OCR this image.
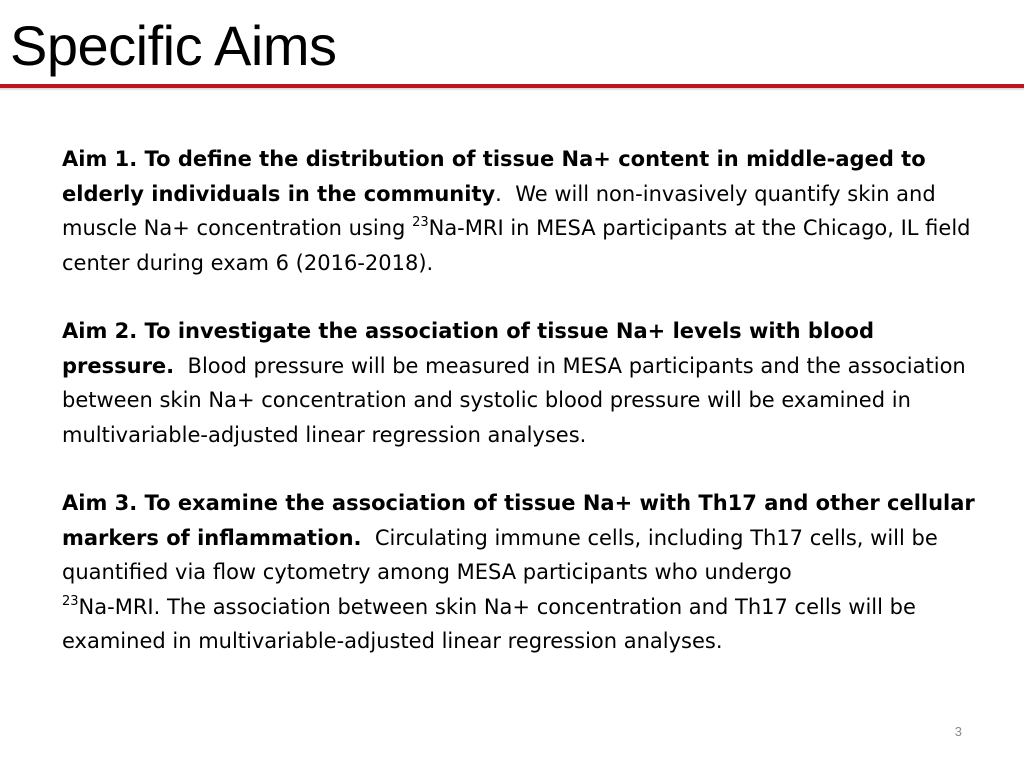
Specific Aims

Aim 1. To define the distribution of tissue Na+ content in middle-aged to elderly individuals in the community. We will non-invasively quantify skin and muscle Na+ concentration using $^{23}$Na-MRI in MESA participants at the Chicago, IL field center during exam 6 (2016-2018).

Aim 2. To investigate the association of tissue Na+ levels with blood pressure. Blood pressure will be measured in MESA participants and the association between skin Na+ concentration and systolic blood pressure will be examined in multivariable-adjusted linear regression analyses.

Aim 3. To examine the association of tissue Na+ with Th17 and other cellular markers of inflammation. Circulating immune cells, including Th17 cells, will be quantified via flow cytometry among MESA participants who undergo
$^{23}$Na-MRI. The association between skin Na+ concentration and Th17 cells will be examined in multivariable-adjusted linear regression analyses.

3
